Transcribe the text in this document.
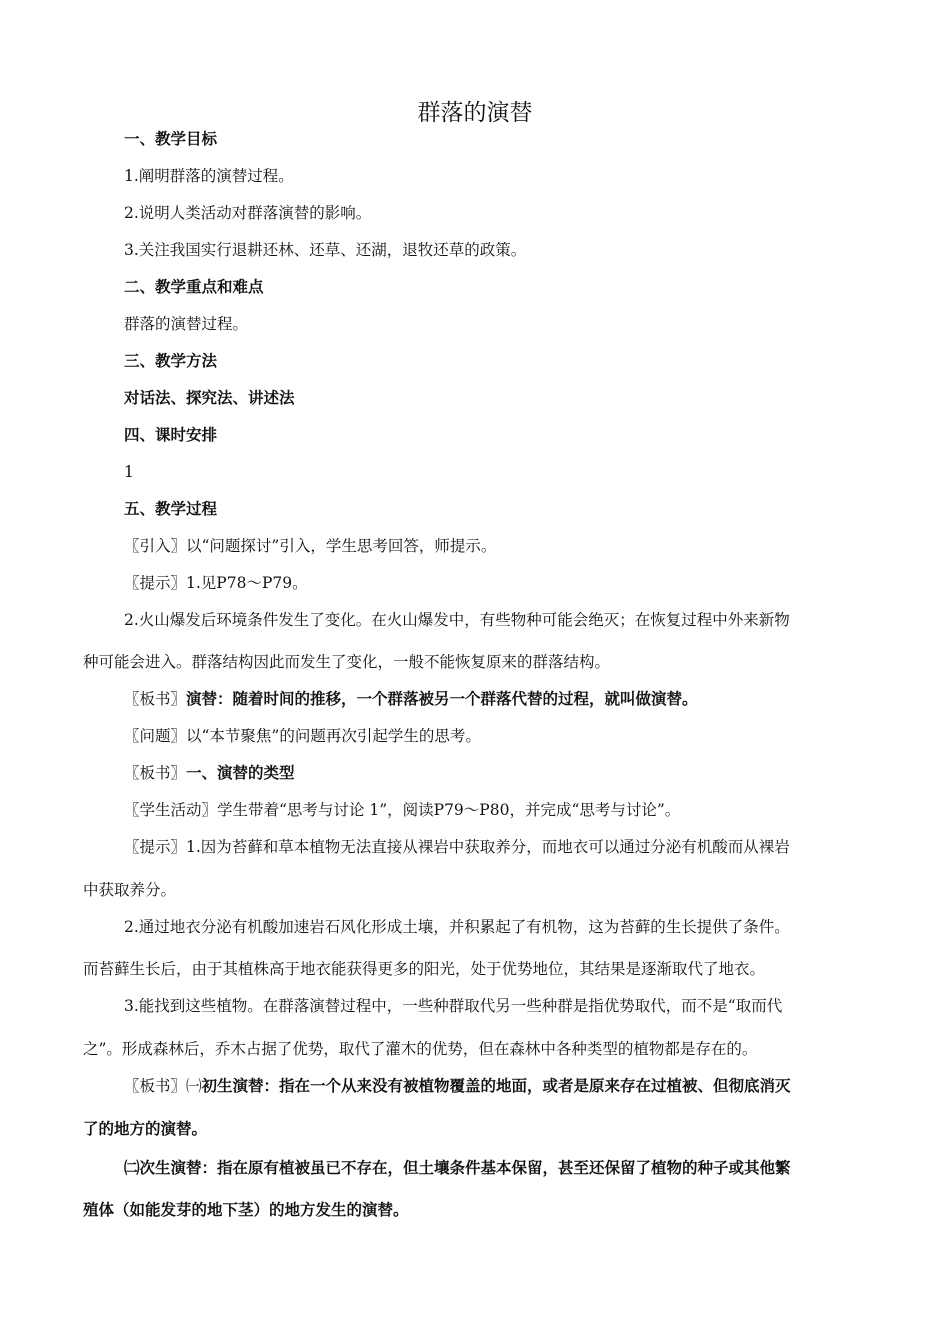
群落的演替
一、教学目标
1.阐明群落的演替过程。
2.说明人类活动对群落演替的影响。
3.关注我国实行退耕还林、还草、还湖，退牧还草的政策。
二、教学重点和难点
群落的演替过程。
三、教学方法
对话法、探究法、讲述法
四、课时安排
1
五、教学过程
〖引入〗以“问题探讨”引入，学生思考回答，师提示。
〖提示〗1.见P78～P79。
2.火山爆发后环境条件发生了变化。在火山爆发中，有些物种可能会绝灭；在恢复过程中外来新物
种可能会进入。群落结构因此而发生了变化，一般不能恢复原来的群落结构。
〖板书〗演替：随着时间的推移，一个群落被另一个群落代替的过程，就叫做演替。
〖问题〗以“本节聚焦”的问题再次引起学生的思考。
〖板书〗一、演替的类型
〖学生活动〗学生带着“思考与讨论 1”，阅读P79～P80，并完成“思考与讨论”。
〖提示〗1.因为苔藓和草本植物无法直接从裸岩中获取养分，而地衣可以通过分泌有机酸而从裸岩
中获取养分。
2.通过地衣分泌有机酸加速岩石风化形成土壤，并积累起了有机物，这为苔藓的生长提供了条件。
而苔藓生长后，由于其植株高于地衣能获得更多的阳光，处于优势地位，其结果是逐渐取代了地衣。
3.能找到这些植物。在群落演替过程中，一些种群取代另一些种群是指优势取代，而不是“取而代
之”。形成森林后，乔木占据了优势，取代了灌木的优势，但在森林中各种类型的植物都是存在的。
〖板书〗㈠初生演替：指在一个从来没有被植物覆盖的地面，或者是原来存在过植被、但彻底消灭
了的地方的演替。
㈡次生演替：指在原有植被虽已不存在，但土壤条件基本保留，甚至还保留了植物的种子或其他繁
殖体（如能发芽的地下茎）的地方发生的演替。
